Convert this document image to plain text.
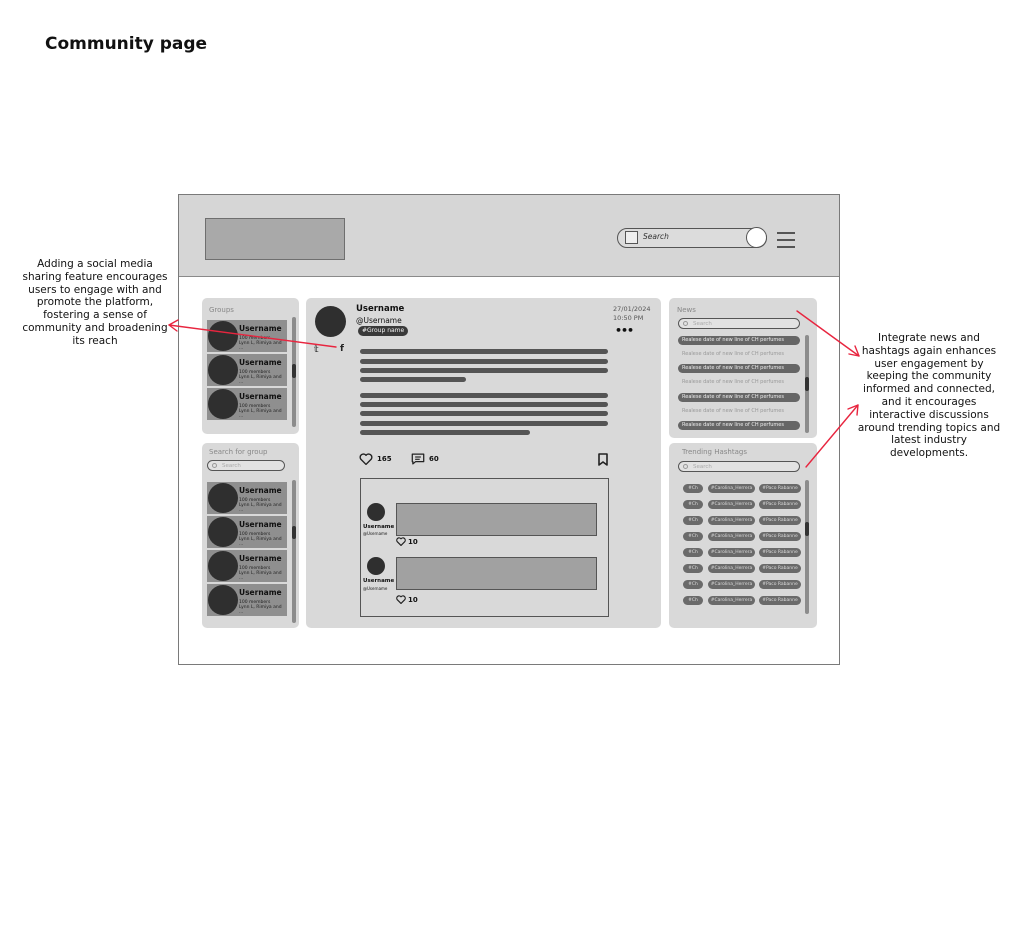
Community page
Adding a social media sharing feature encourages users to engage with and promote the platform, fostering a sense of community and broadening its reach	Integrate news and hashtags again enhances user engagement by keeping the community informed and connected, and it encourages interactive discussions around trending topics and latest industry developments.
Search
Groups
Username
100 members
Lynn L, Rimiya and ...
Username
100 members
Lynn L, Rimiya and ...
Username
100 members
Lynn L, Rimiya and ...
Search for group
Search
Username
100 members
Lynn L, Rimiya and ...
Username
100 members
Lynn L, Rimiya and ...
Username
100 members
Lynn L, Rimiya and ...
Username
100 members
Lynn L, Rimiya and ...
Username
@Username
#Group name
27/01/2024
10:50 PM
•••
𝕥 f
165	60
Username
@Username
10
Username
@Username
10
News
Search
Realese date of new line of CH perfumes
Realese date of new line of CH perfumes
Realese date of new line of CH perfumes
Realese date of new line of CH perfumes
Realese date of new line of CH perfumes
Realese date of new line of CH perfumes
Realese date of new line of CH perfumes
Trending Hashtags
Search
#Ch	#Carolina_Herrera	#Paco Rabanne
#Ch	#Carolina_Herrera	#Paco Rabanne
#Ch	#Carolina_Herrera	#Paco Rabanne
#Ch	#Carolina_Herrera	#Paco Rabanne
#Ch	#Carolina_Herrera	#Paco Rabanne
#Ch	#Carolina_Herrera	#Paco Rabanne
#Ch	#Carolina_Herrera	#Paco Rabanne
#Ch	#Carolina_Herrera	#Paco Rabanne
